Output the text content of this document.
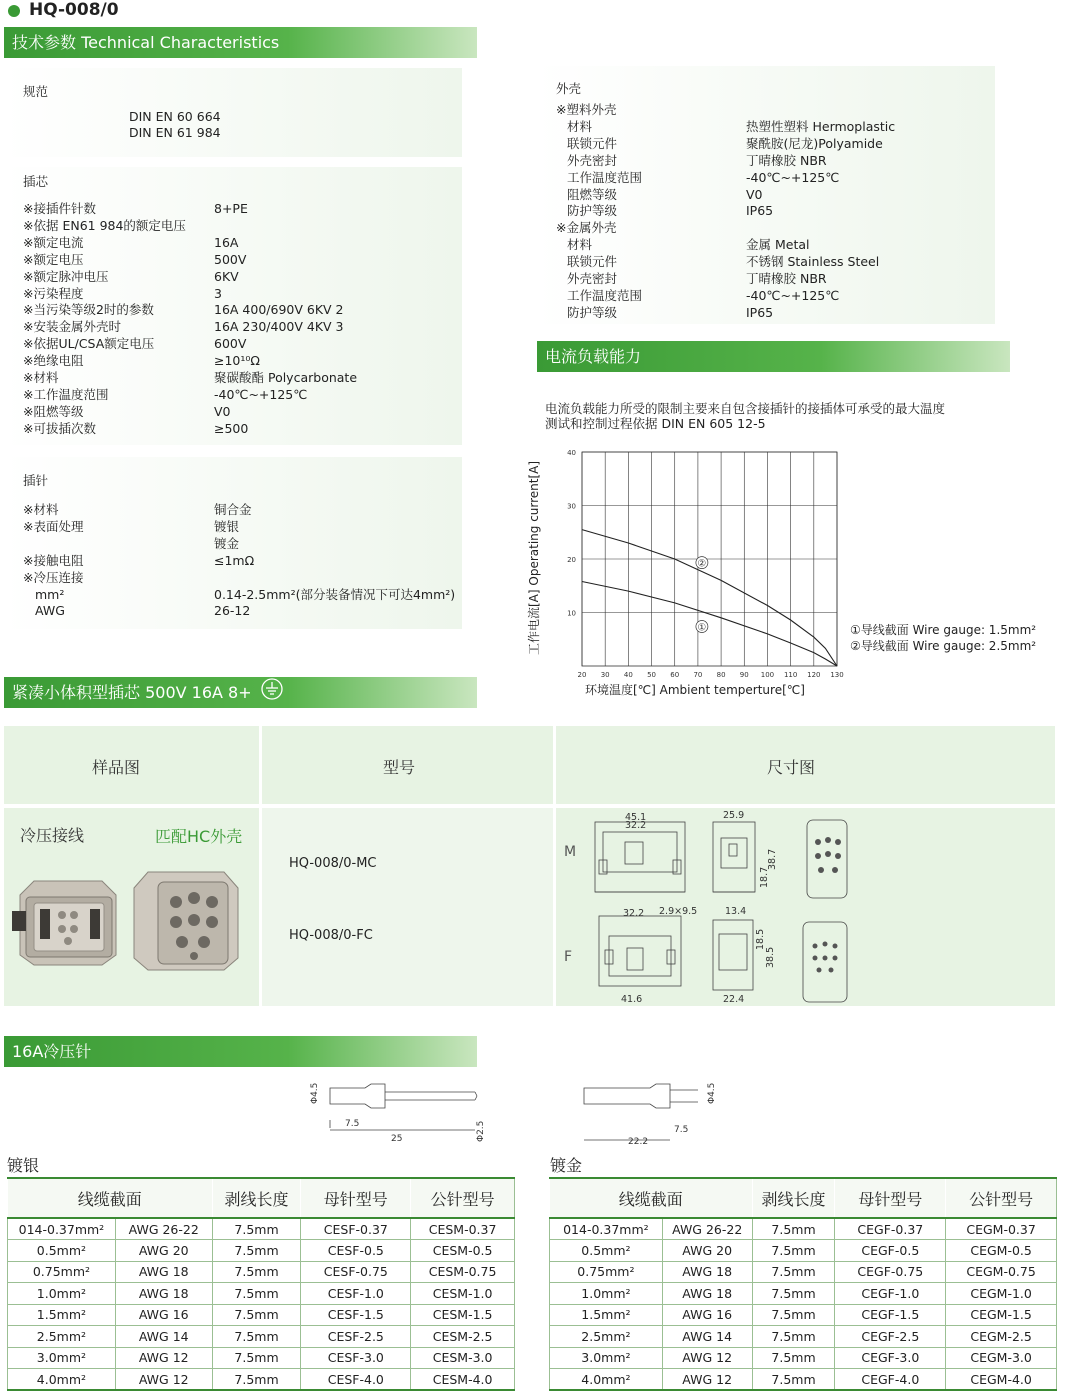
HQ-008/0
技术参数 Technical Characteristics
规范
DIN EN 60 664
DIN EN 61 984
插芯
※接插件针数	8+PE
※依据 EN61 984的额定电压
※额定电流	16A
※额定电压	500V
※额定脉冲电压	6KV
※污染程度	3
※当污染等级2时的参数	16A 400/690V 6KV 2
※安装金属外壳时	16A 230/400V 4KV 3
※依据UL/CSA额定电压	600V
※绝缘电阻	≥10¹⁰Ω
※材料	聚碳酸酯 Polycarbonate
※工作温度范围	-40℃~+125℃
※阻燃等级	V0
※可拔插次数	≥500
插针
※材料	铜合金
※表面处理	镀银
镀金
※接触电阻	≤1mΩ
※冷压连接
mm²	0.14-2.5mm²(部分装备情况下可达4mm²)
AWG	26-12
外壳
※塑料外壳
材料	热塑性塑料 Hermoplastic
联锁元件	聚酰胺(尼龙)Polyamide
外壳密封	丁晴橡胶 NBR
工作温度范围	-40℃~+125℃
阻燃等级	V0
防护等级	IP65
※金属外壳
材料	金属 Metal
联锁元件	不锈钢 Stainless Steel
外壳密封	丁晴橡胶 NBR
工作温度范围	-40℃~+125℃
防护等级	IP65
电流负载能力
电流负载能力所受的限制主要来自包含接插针的接插体可承受的最大温度
测试和控制过程依据 DIN EN 605 12-5
20 30 40 50 60 70 80 90 100 110 120 130
10
20
30
40
①
②
环境温度[℃] Ambient temperture[℃]
工作电流[A] Operating current[A]	①导线截面 Wire gauge: 1.5mm²
②导线截面 Wire gauge: 2.5mm²
紧凑小体积型插芯 500V 16A 8+
样品图	型号	尺寸图
冷压接线	匹配HC外壳
HQ-008/0-MC
HQ-008/0-FC
M
F
45.1
32.2
25.9
38.7
18.7
32.2 2.9×9.5	13.4
18.5
38.5
41.6	22.4
16A冷压针
Φ4.5
7.5
25	Φ2.5
Φ4.5
7.5
22.2
镀银	镀金
线缆截面		剥线长度	母针型号	公针型号
014-0.37mm²	AWG 26-22	7.5mm	CESF-0.37	CESM-0.37
0.5mm²	AWG 20	7.5mm	CESF-0.5	CESM-0.5
0.75mm²	AWG 18	7.5mm	CESF-0.75	CESM-0.75
1.0mm²	AWG 18	7.5mm	CESF-1.0	CESM-1.0
1.5mm²	AWG 16	7.5mm	CESF-1.5	CESM-1.5
2.5mm²	AWG 14	7.5mm	CESF-2.5	CESM-2.5
3.0mm²	AWG 12	7.5mm	CESF-3.0	CESM-3.0
4.0mm²	AWG 12	7.5mm	CESF-4.0	CESM-4.0
线缆截面		剥线长度	母针型号	公针型号
014-0.37mm²	AWG 26-22	7.5mm	CEGF-0.37	CEGM-0.37
0.5mm²	AWG 20	7.5mm	CEGF-0.5	CEGM-0.5
0.75mm²	AWG 18	7.5mm	CEGF-0.75	CEGM-0.75
1.0mm²	AWG 18	7.5mm	CEGF-1.0	CEGM-1.0
1.5mm²	AWG 16	7.5mm	CEGF-1.5	CEGM-1.5
2.5mm²	AWG 14	7.5mm	CEGF-2.5	CEGM-2.5
3.0mm²	AWG 12	7.5mm	CEGF-3.0	CEGM-3.0
4.0mm²	AWG 12	7.5mm	CEGF-4.0	CEGM-4.0
